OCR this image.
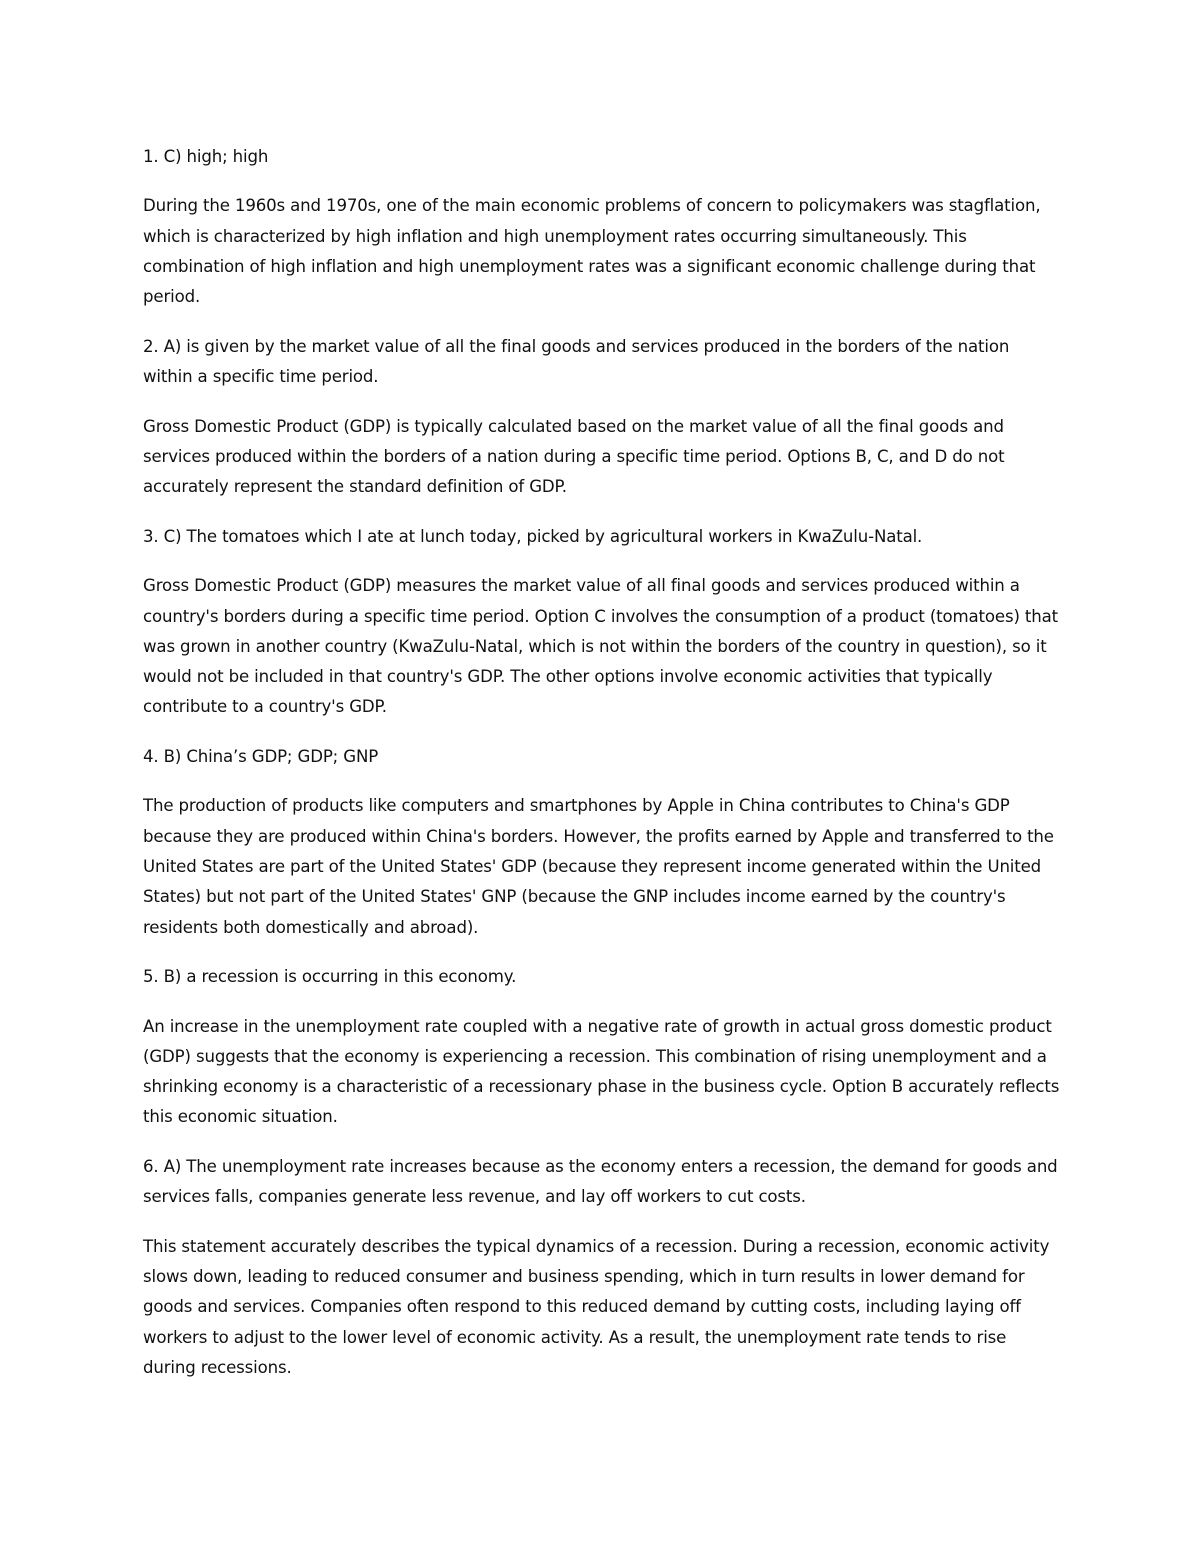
1. C) high; high

During the 1960s and 1970s, one of the main economic problems of concern to policymakers was stagflation, which is characterized by high inflation and high unemployment rates occurring simultaneously. This combination of high inflation and high unemployment rates was a significant economic challenge during that period.

2. A) is given by the market value of all the final goods and services produced in the borders of the nation within a specific time period.

Gross Domestic Product (GDP) is typically calculated based on the market value of all the final goods and services produced within the borders of a nation during a specific time period. Options B, C, and D do not accurately represent the standard definition of GDP.

3. C) The tomatoes which I ate at lunch today, picked by agricultural workers in KwaZulu-Natal.

Gross Domestic Product (GDP) measures the market value of all final goods and services produced within a country's borders during a specific time period. Option C involves the consumption of a product (tomatoes) that was grown in another country (KwaZulu-Natal, which is not within the borders of the country in question), so it would not be included in that country's GDP. The other options involve economic activities that typically contribute to a country's GDP.

4. B) China’s GDP; GDP; GNP

The production of products like computers and smartphones by Apple in China contributes to China's GDP because they are produced within China's borders. However, the profits earned by Apple and transferred to the United States are part of the United States' GDP (because they represent income generated within the United States) but not part of the United States' GNP (because the GNP includes income earned by the country's residents both domestically and abroad).

5. B) a recession is occurring in this economy.

An increase in the unemployment rate coupled with a negative rate of growth in actual gross domestic product (GDP) suggests that the economy is experiencing a recession. This combination of rising unemployment and a shrinking economy is a characteristic of a recessionary phase in the business cycle. Option B accurately reflects this economic situation.

6. A) The unemployment rate increases because as the economy enters a recession, the demand for goods and services falls, companies generate less revenue, and lay off workers to cut costs.

This statement accurately describes the typical dynamics of a recession. During a recession, economic activity slows down, leading to reduced consumer and business spending, which in turn results in lower demand for goods and services. Companies often respond to this reduced demand by cutting costs, including laying off workers to adjust to the lower level of economic activity. As a result, the unemployment rate tends to rise during recessions.
